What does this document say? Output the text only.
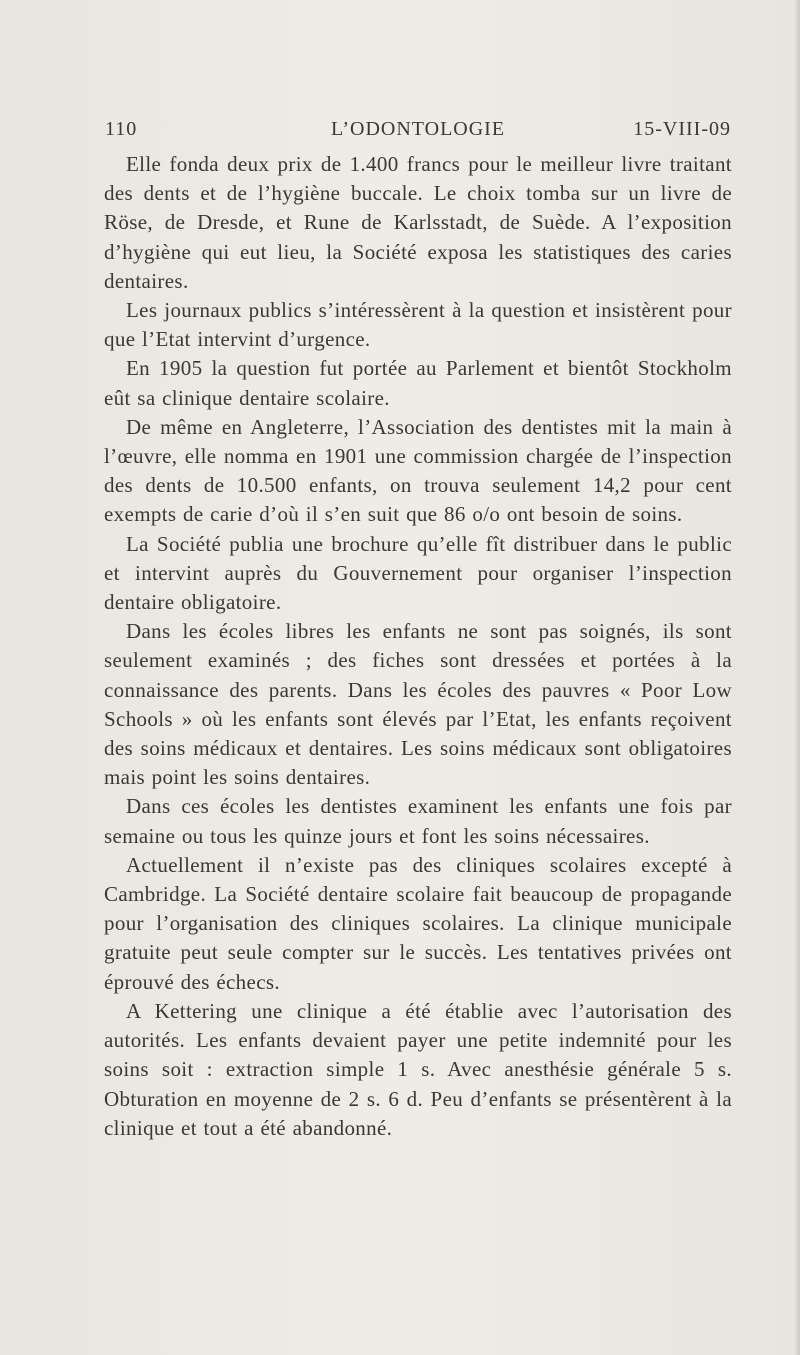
110	L’ODONTOLOGIE	15-VIII-09

Elle fonda deux prix de 1.400 francs pour le meilleur livre traitant des dents et de l’hygiène buccale. Le choix tomba sur un livre de Röse, de Dresde, et Rune de Karlsstadt, de Suède. A l’exposition d’hygiène qui eut lieu, la Société exposa les statistiques des caries dentaires.

Les journaux publics s’intéressèrent à la question et insistèrent pour que l’Etat intervint d’urgence.

En 1905 la question fut portée au Parlement et bientôt Stockholm eût sa clinique dentaire scolaire.

De même en Angleterre, l’Association des dentistes mit la main à l’œuvre, elle nomma en 1901 une commission chargée de l’inspection des dents de 10.500 enfants, on trouva seulement 14,2 pour cent exempts de carie d’où il s’en suit que 86 o/o ont besoin de soins.

La Société publia une brochure qu’elle fît distribuer dans le public et intervint auprès du Gouvernement pour organiser l’inspection dentaire obligatoire.

Dans les écoles libres les enfants ne sont pas soignés, ils sont seulement examinés ; des fiches sont dressées et portées à la connaissance des parents. Dans les écoles des pauvres « Poor Low Schools » où les enfants sont élevés par l’Etat, les enfants reçoivent des soins médicaux et dentaires. Les soins médicaux sont obligatoires mais point les soins dentaires.

Dans ces écoles les dentistes examinent les enfants une fois par semaine ou tous les quinze jours et font les soins nécessaires.

Actuellement il n’existe pas des cliniques scolaires excepté à Cambridge. La Société dentaire scolaire fait beaucoup de propagande pour l’organisation des cliniques scolaires. La clinique municipale gratuite peut seule compter sur le succès. Les tentatives privées ont éprouvé des échecs.

A Kettering une clinique a été établie avec l’autorisation des autorités. Les enfants devaient payer une petite indemnité pour les soins soit : extraction simple 1 s. Avec anesthésie générale 5 s. Obturation en moyenne de 2 s. 6 d. Peu d’enfants se présentèrent à la clinique et tout a été abandonné.
